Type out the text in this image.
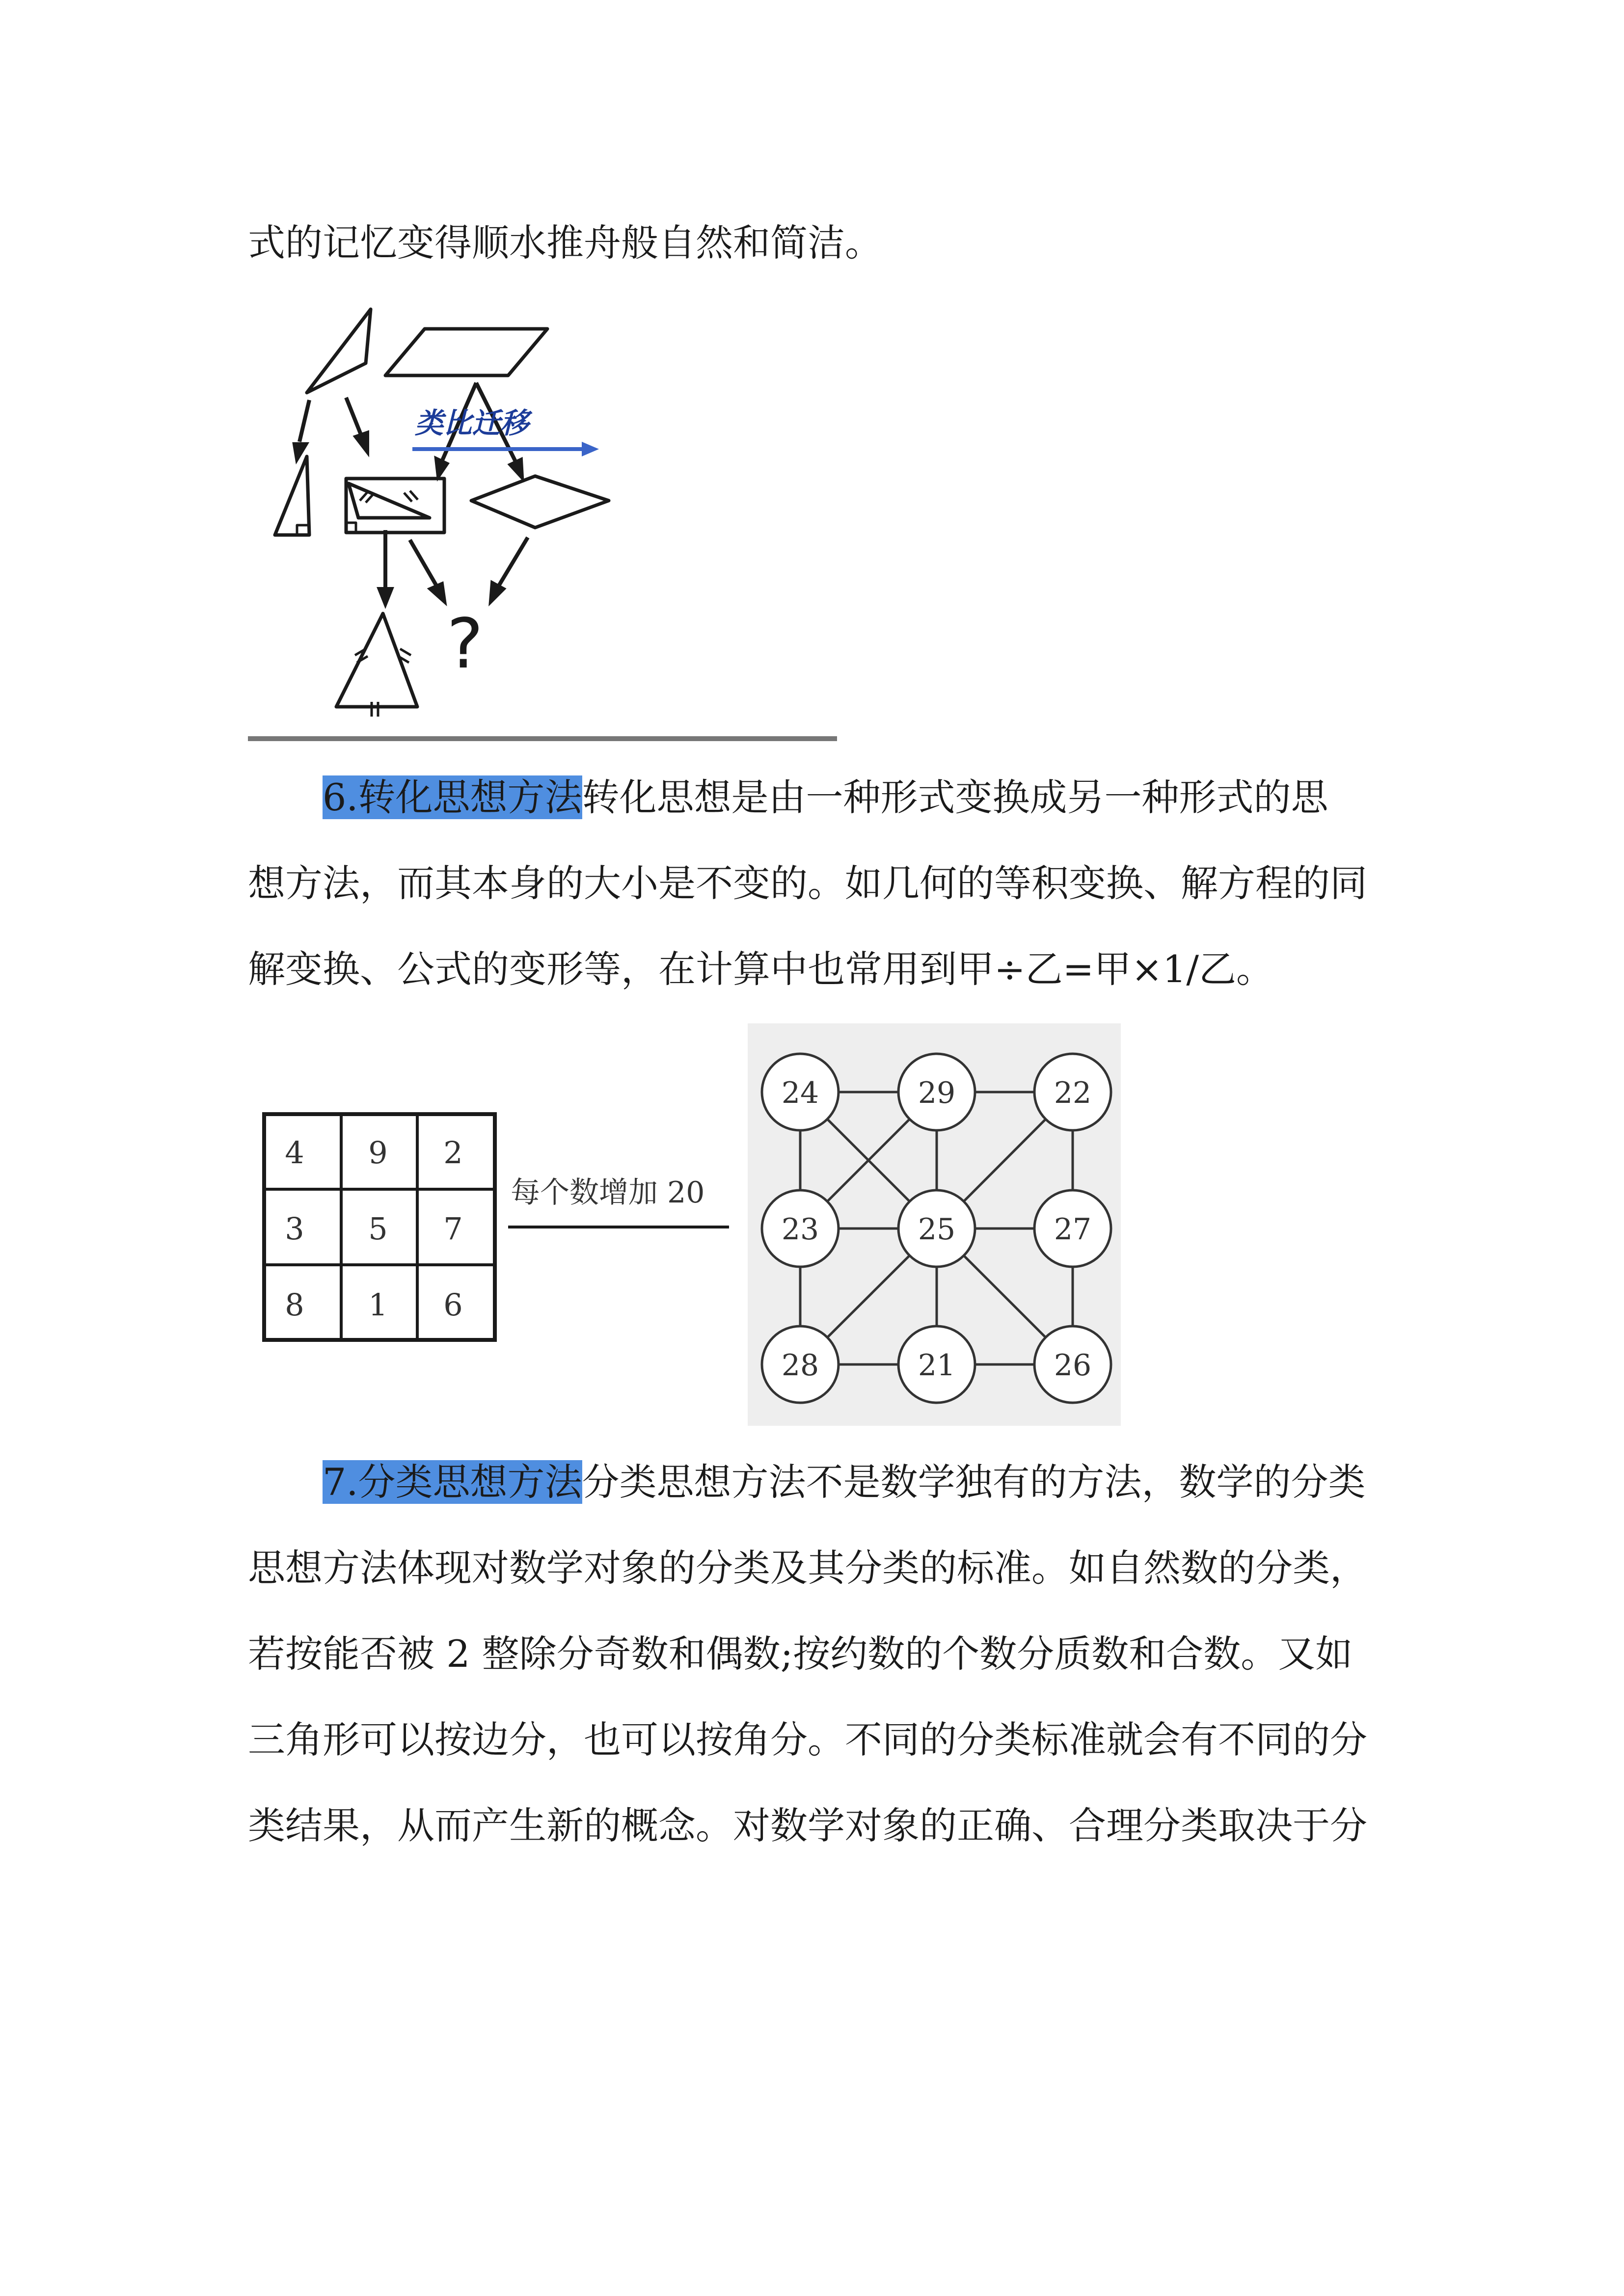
式的记忆变得顺水推舟般自然和简洁。

类比迁移
?

6.转化思想方法转化思想是由一种形式变换成另一种形式的思

想方法，而其本身的大小是不变的。如几何的等积变换、解方程的同

解变换、公式的变形等，在计算中也常用到甲÷乙=甲×1/乙。

4 9 2
3 5 7
8 1 6
每个数增加 20
24	29	22
23	25	27
28	21	26

7.分类思想方法分类思想方法不是数学独有的方法，数学的分类

思想方法体现对数学对象的分类及其分类的标准。如自然数的分类，

若按能否被 2 整除分奇数和偶数;按约数的个数分质数和合数。又如

三角形可以按边分，也可以按角分。不同的分类标准就会有不同的分

类结果，从而产生新的概念。对数学对象的正确、合理分类取决于分
